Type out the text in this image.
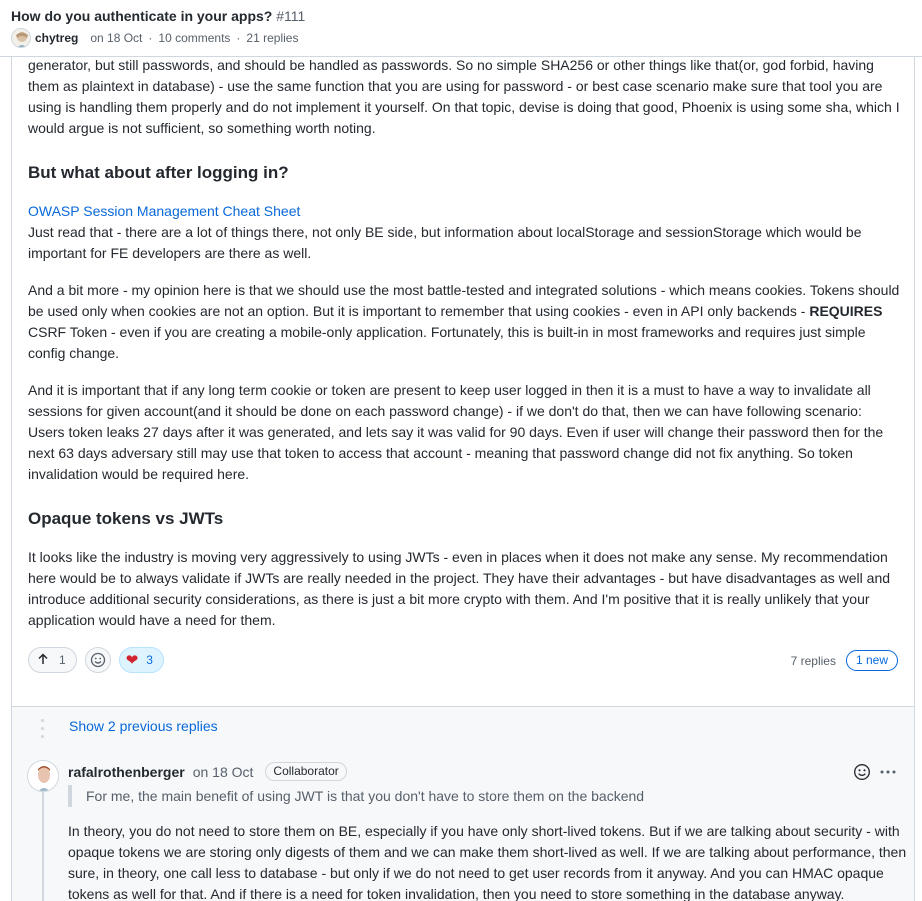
How do you authenticate in your apps? #111
chytreg on 18 Oct · 10 comments · 21 replies

generator, but still passwords, and should be handled as passwords. So no simple SHA256 or other things like that(or, god forbid, having them as plaintext in database) - use the same function that you are using for password - or best case scenario make sure that tool you are using is handling them properly and do not implement it yourself. On that topic, devise is doing that good, Phoenix is using some sha, which I would argue is not sufficient, so something worth noting.

But what about after logging in?
OWASP Session Management Cheat Sheet

Just read that - there are a lot of things there, not only BE side, but information about localStorage and sessionStorage which would be important for FE developers are there as well.

And a bit more - my opinion here is that we should use the most battle-tested and integrated solutions - which means cookies. Tokens should be used only when cookies are not an option. But it is important to remember that using cookies - even in API only backends - REQUIRES CSRF Token - even if you are creating a mobile-only application. Fortunately, this is built-in in most frameworks and requires just simple config change.

And it is important that if any long term cookie or token are present to keep user logged in then it is a must to have a way to invalidate all sessions for given account(and it should be done on each password change) - if we don't do that, then we can have following scenario: Users token leaks 27 days after it was generated, and lets say it was valid for 90 days. Even if user will change their password then for the next 63 days adversary still may use that token to access that account - meaning that password change did not fix anything. So token invalidation would be required here.

Opaque tokens vs JWTs

It looks like the industry is moving very aggressively to using JWTs - even in places when it does not make any sense. My recommendation here would be to always validate if JWTs are really needed in the project. They have their advantages - but have disadvantages as well and introduce additional security considerations, as there is just a bit more crypto with them. And I'm positive that it is really unlikely that your application would have a need for them.

1	❤ 3	7 replies	1 new
Show 2 previous replies
rafalrothenberger on 18 Oct	Collaborator
For me, the main benefit of using JWT is that you don't have to store them on the backend

In theory, you do not need to store them on BE, especially if you have only short-lived tokens. But if we are talking about security - with opaque tokens we are storing only digests of them and we can make them short-lived as well. If we are talking about performance, then sure, in theory, one call less to database - but only if we do not need to get user records from it anyway. And you can HMAC opaque tokens as well for that. And if there is a need for token invalidation, then you need to store something in the database anyway.
